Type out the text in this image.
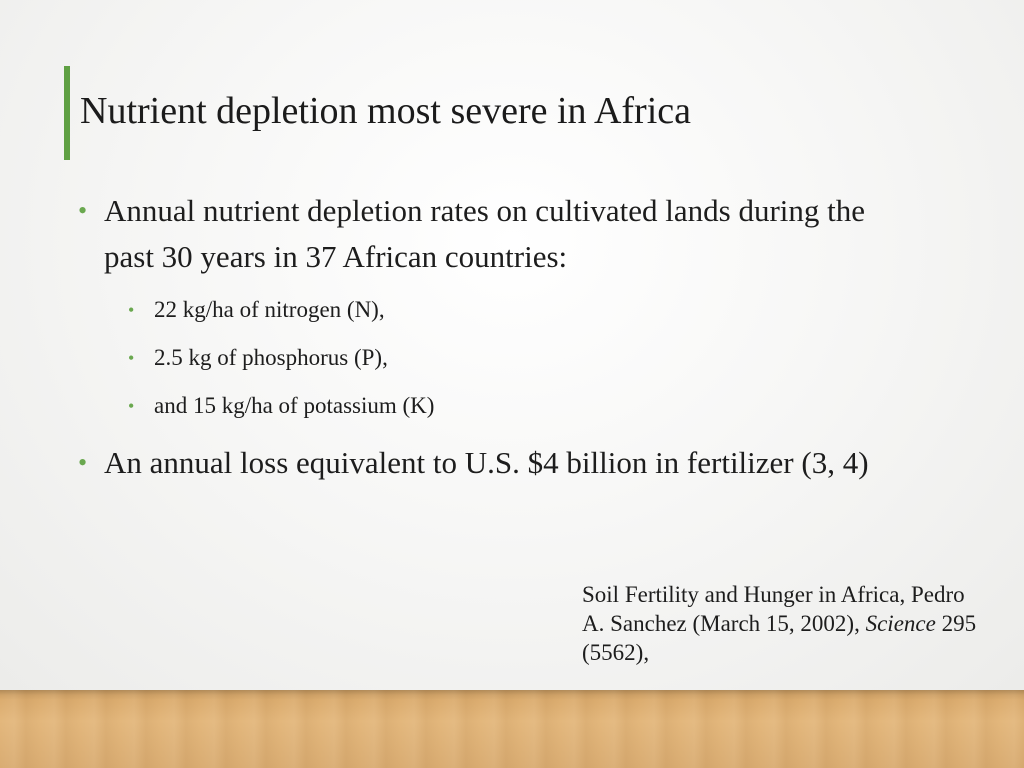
Nutrient depletion most severe in Africa
• Annual nutrient depletion rates on cultivated lands during the past 30 years in 37 African countries:
• 22 kg/ha of nitrogen (N),
• 2.5 kg of phosphorus (P),
• and 15 kg/ha of potassium (K)
• An annual loss equivalent to U.S. $4 billion in fertilizer (3, 4)

Soil Fertility and Hunger in Africa, Pedro A. Sanchez (March 15, 2002), Science 295 (5562),
